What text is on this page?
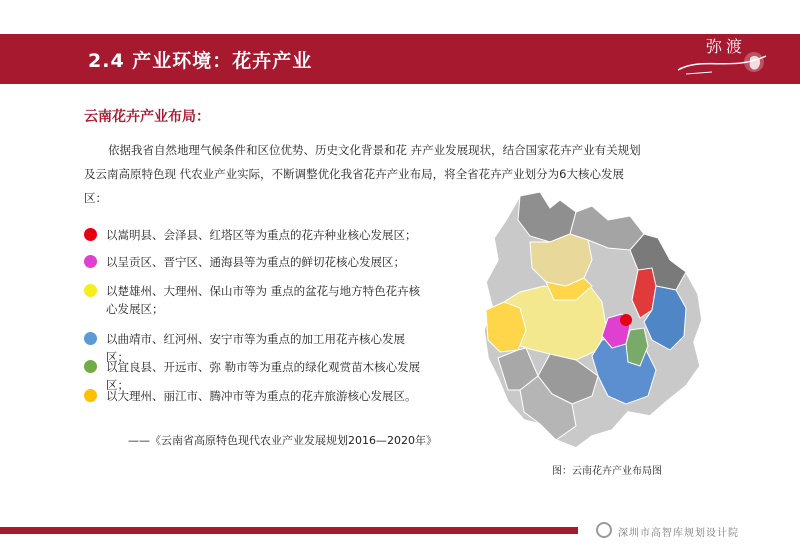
2.4 产业环境：花卉产业
弥渡
云南花卉产业布局：
依据我省自然地理气候条件和区位优势、历史文化背景和花 卉产业发展现状，结合国家花卉产业有关规划及云南高原特色现 代农业产业实际，不断调整优化我省花卉产业布局，将全省花卉产业划分为6大核心发展区：
以嵩明县、会泽县、红塔区等为重点的花卉种业核心发展区；
以呈贡区、晋宁区、通海县等为重点的鲜切花核心发展区；
以楚雄州、大理州、保山市等为 重点的盆花与地方特色花卉核心发展区；
以曲靖市、红河州、安宁市等为重点的加工用花卉核心发展区；
以宜良县、开远市、弥 勒市等为重点的绿化观赏苗木核心发展区；
以大理州、丽江市、腾冲市等为重点的花卉旅游核心发展区。
——《云南省高原特色现代农业产业发展规划2016—2020年》
图：云南花卉产业布局图
深圳市高智库规划设计院
